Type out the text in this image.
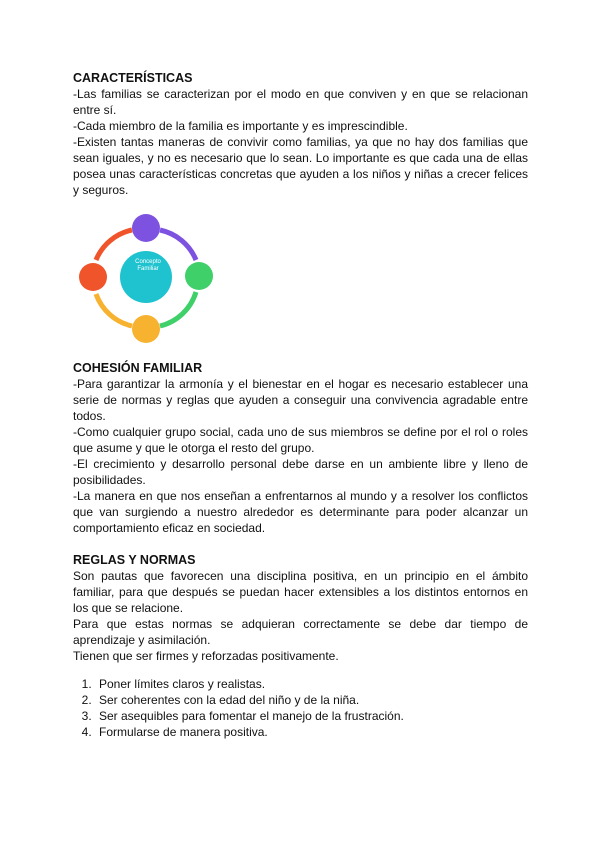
CARACTERÍSTICAS

-Las familias se caracterizan por el modo en que conviven y en que se relacionan entre sí.

-Cada miembro de la familia es importante y es imprescindible.

-Existen tantas maneras de convivir como familias, ya que no hay dos familias que sean iguales, y no es necesario que lo sean. Lo importante es que cada una de ellas posea unas características concretas que ayuden a los niños y niñas a crecer felices y seguros.

Concepto Familiar

COHESIÓN FAMILIAR

-Para garantizar la armonía y el bienestar en el hogar es necesario establecer una serie de normas y reglas que ayuden a conseguir una convivencia agradable entre todos.

-Como cualquier grupo social, cada uno de sus miembros se define por el rol o roles que asume y que le otorga el resto del grupo.

-El crecimiento y desarrollo personal debe darse en un ambiente libre y lleno de posibilidades.

-La manera en que nos enseñan a enfrentarnos al mundo y a resolver los conflictos que van surgiendo a nuestro alrededor es determinante para poder alcanzar un comportamiento eficaz en sociedad.

REGLAS Y NORMAS

Son pautas que favorecen una disciplina positiva, en un principio en el ámbito familiar, para que después se puedan hacer extensibles a los distintos entornos en los que se relacione.

Para que estas normas se adquieran correctamente se debe dar tiempo de aprendizaje y asimilación.

Tienen que ser firmes y reforzadas positivamente.

1. Poner límites claros y realistas.
2. Ser coherentes con la edad del niño y de la niña.
3. Ser asequibles para fomentar el manejo de la frustración.
4. Formularse de manera positiva.
